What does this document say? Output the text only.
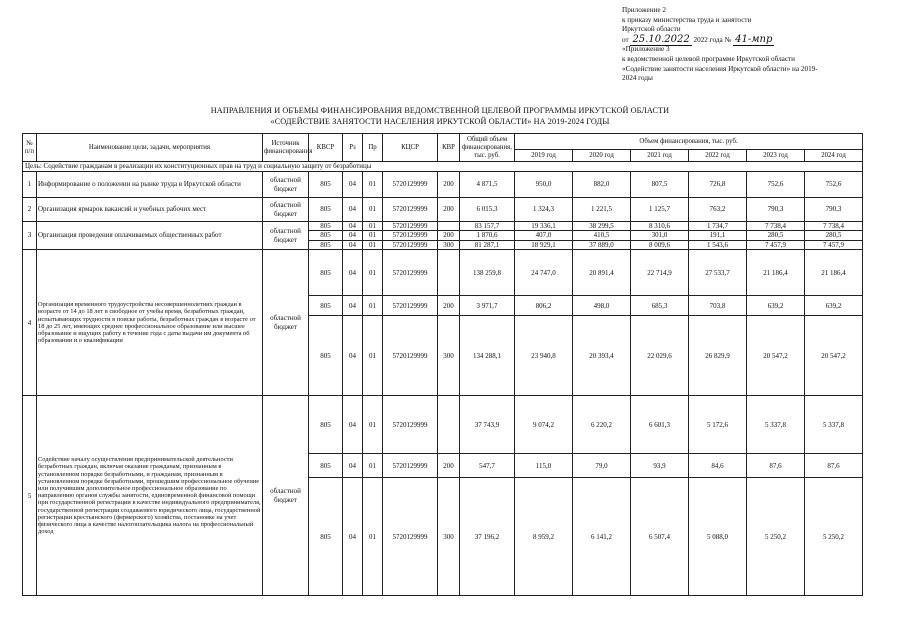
Приложение 2
к приказу министерства труда и занятости
Иркутской области
от 25.10.2022 2022 года № 41-мпр
«Приложение 3
к ведомственной целевой программе Иркутской области
«Содействие занятости населения Иркутской области» на 2019-
2024 годы
НАПРАВЛЕНИЯ И ОБЪЕМЫ ФИНАНСИРОВАНИЯ ВЕДОМСТВЕННОЙ ЦЕЛЕВОЙ ПРОГРАММЫ ИРКУТСКОЙ ОБЛАСТИ
«СОДЕЙСТВИЕ ЗАНЯТОСТИ НАСЕЛЕНИЯ ИРКУТСКОЙ ОБЛАСТИ» НА 2019-2024 ГОДЫ
№ п/п	Наименование цели, задачи, мероприятия	Источник финансирования	КВСР	Рз	Пр	КЦСР	КВР	Общий объем финансирования, тыс. руб.	Объем финансирования, тыс. руб.					
									2019 год	2020 год	2021 год	2022 год	2023 год	2024 год
Цель: Содействие гражданам в реализации их конституционных прав на труд и социальную защиту от безработицы														
1	Информирование о положении на рынке труда в Иркутской области	областной бюджет	805	04	01	5720129999	200	4 871,5	950,0	882,0	807,5	726,8	752,6	752,6
2	Организация ярмарок вакансий и учебных рабочих мест	областной бюджет	805	04	01	5720129999	200	6 015,3	1 324,3	1 221,5	1 125,7	763,2	790,3	790,3
3	Организация проведения оплачиваемых общественных работ	областной бюджет	805	04	01	5720129999		83 157,7	19 336,1	38 299,5	8 310,6	1 734,7	7 738,4	7 738,4
			805	04	01	5720129999	200	1 870,6	407,0	410,5	301,0	191,1	280,5	280,5
			805	04	01	5720129999	300	81 287,1	18 929,1	37 889,0	8 009,6	1 543,6	7 457,9	7 457,9
4	Организация временного трудоустройства несовершеннолетних граждан в возрасте от 14 до 18 лет в свободное от учебы время, безработных граждан, испытывающих трудности в поиске работы, безработных граждан в возрасте от 18 до 25 лет, имеющих среднее профессиональное образование или высшее образование и ищущих работу в течение года с даты выдачи им документа об образовании и о квалификации	областной бюджет	805	04	01	5720129999		138 259,8	24 747,0	20 891,4	22 714,9	27 533,7	21 186,4	21 186,4
			805	04	01	5720129999	200	3 971,7	806,2	498,0	685,3	703,8	639,2	639,2
			805	04	01	5720129999	300	134 288,1	23 940,8	20 393,4	22 029,6	26 829,9	20 547,2	20 547,2
5	Содействие началу осуществления предпринимательской деятельности безработных граждан, включая оказание гражданам, признанным в установленном порядке безработными, и гражданам, признанным в установленном порядке безработными, прошедшим профессиональное обучение или получившим дополнительное профессиональное образование по направлению органов службы занятости, единовременной финансовой помощи при государственной регистрации в качестве индивидуального предпринимателя, государственной регистрации создаваемого юридического лица, государственной регистрации крестьянского (фермерского) хозяйства, постановке на учет физического лица в качестве налогоплательщика налога на профессиональный доход	областной бюджет	805	04	01	5720129999		37 743,9	9 074,2	6 220,2	6 601,3	5 172,6	5 337,8	5 337,8
			805	04	01	5720129999	200	547,7	115,0	79,0	93,9	84,6	87,6	87,6
			805	04	01	5720129999	300	37 196,2	8 959,2	6 141,2	6 507,4	5 088,0	5 250,2	5 250,2
